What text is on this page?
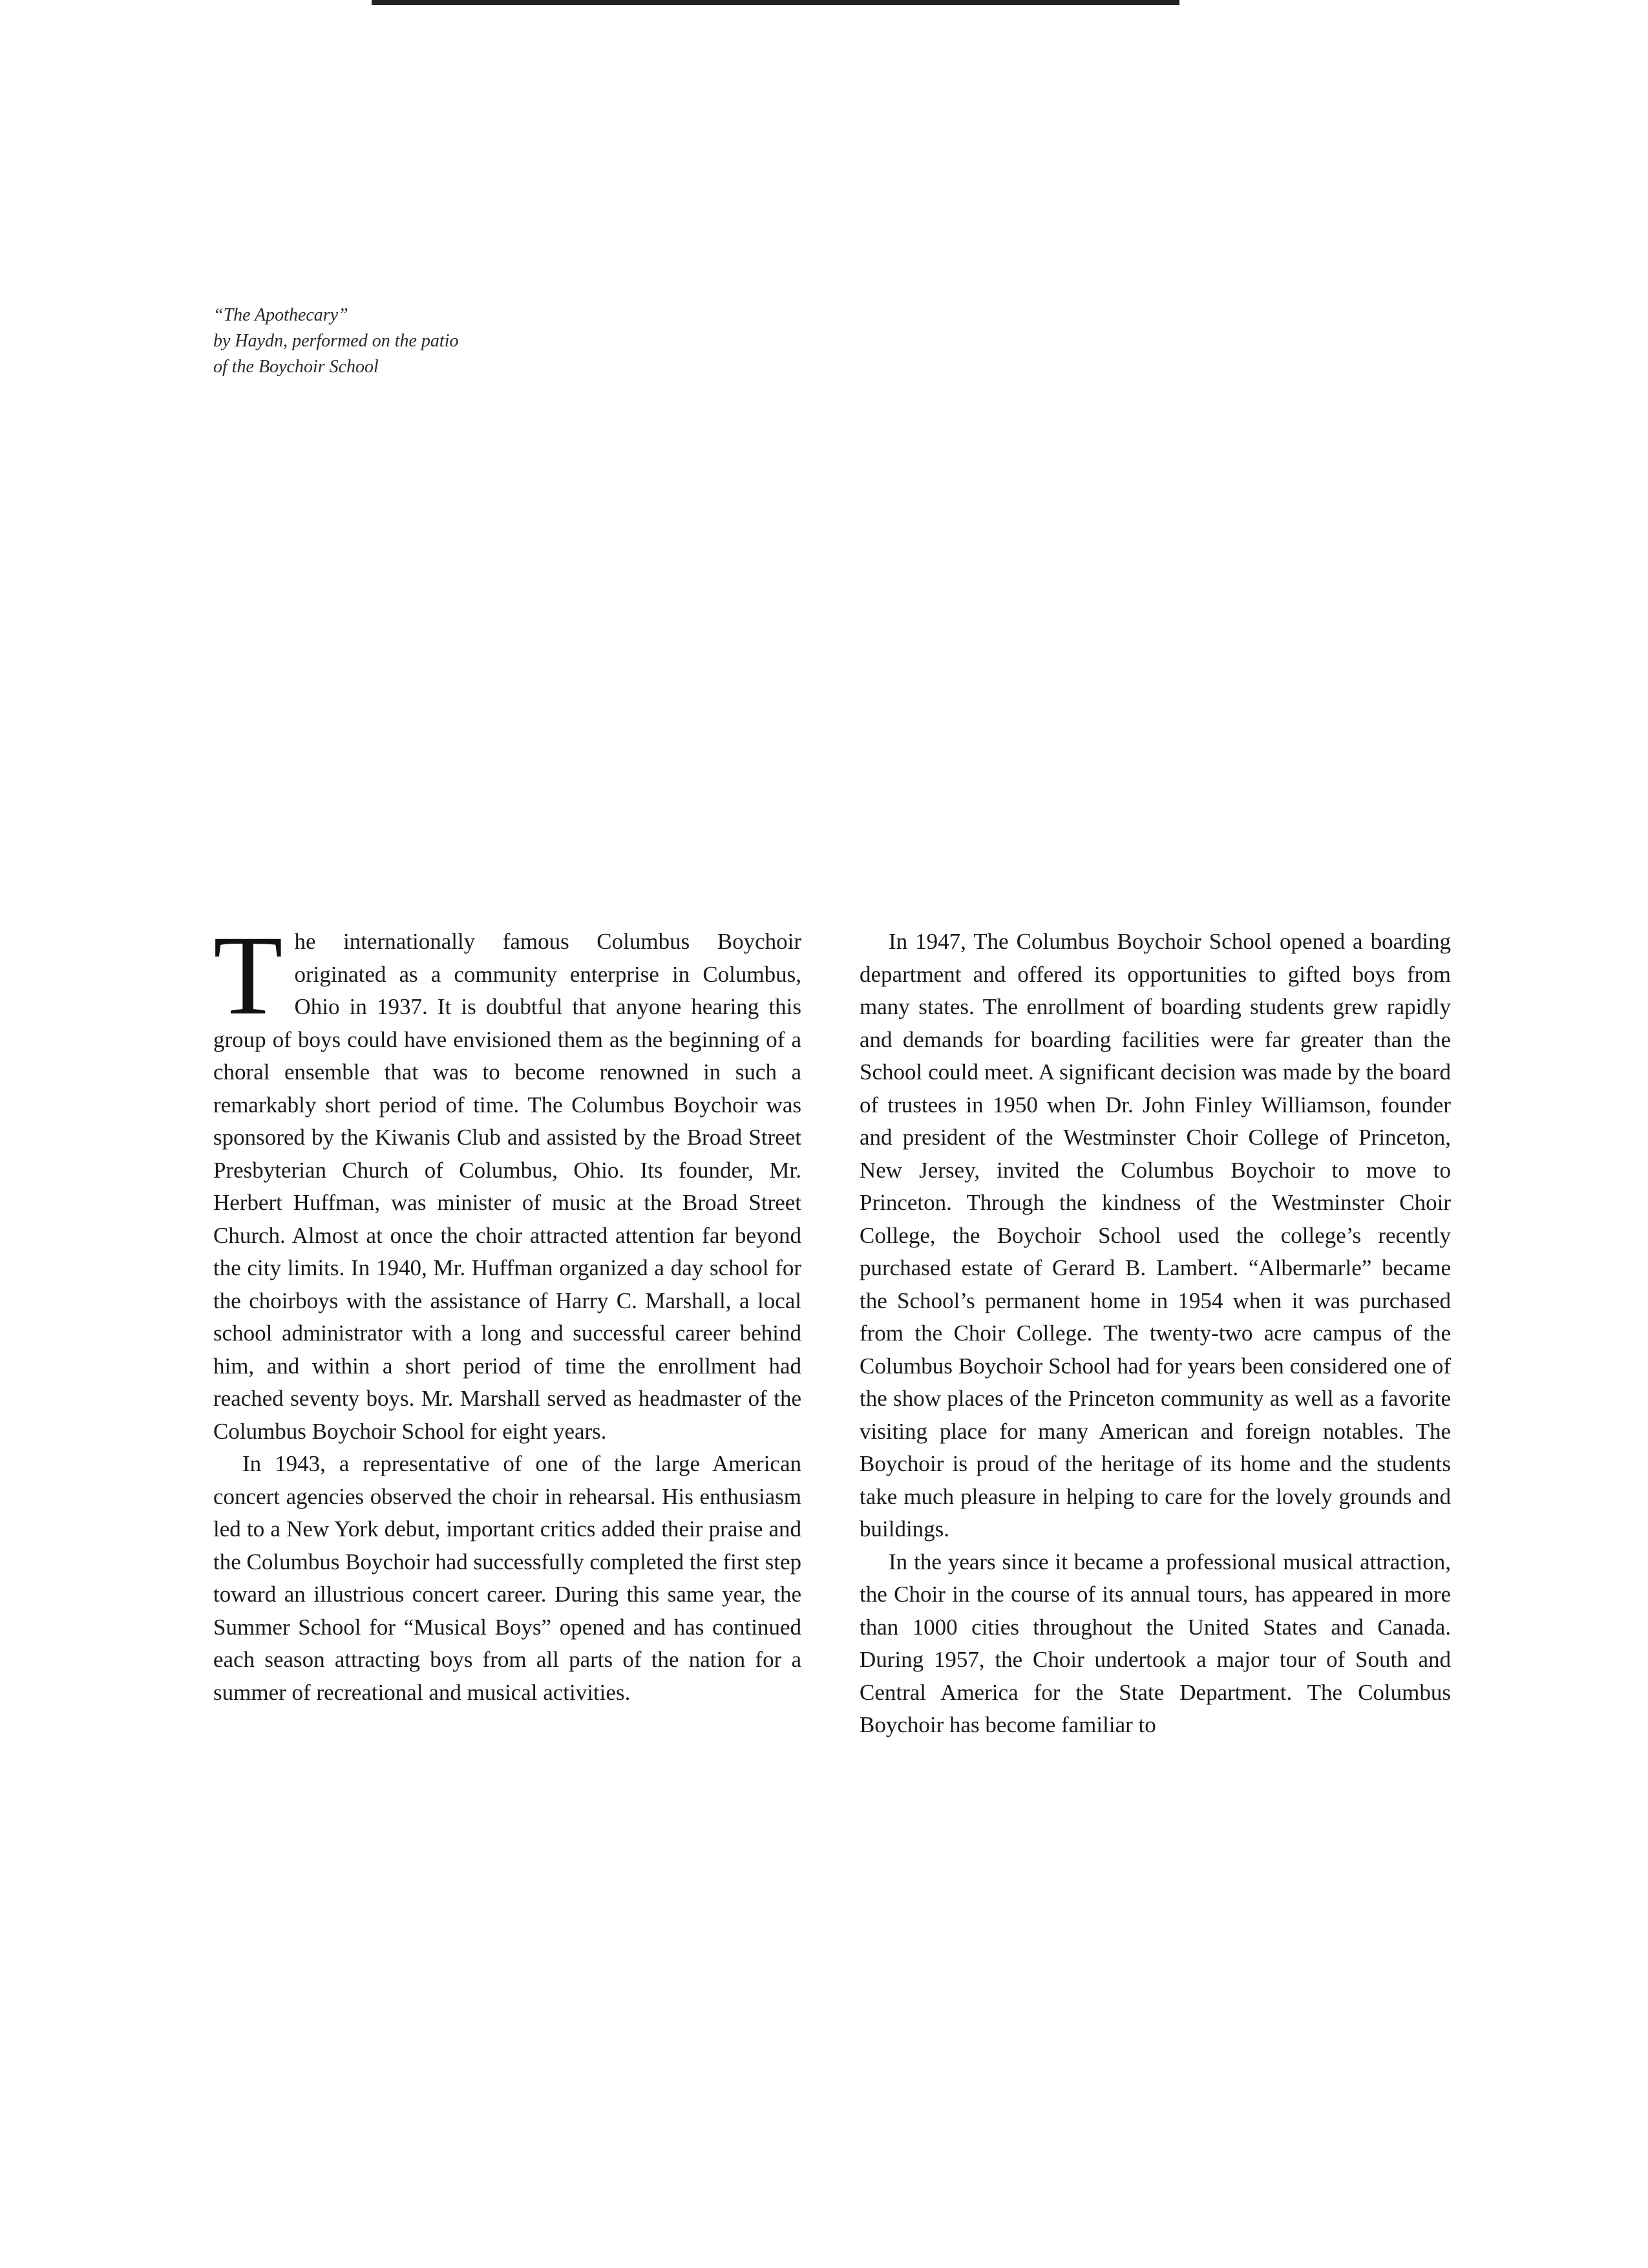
“The Apothecary”
by Haydn, performed on the patio
of the Boychoir School

The internationally famous Columbus Boychoir originated as a community enterprise in Columbus, Ohio in 1937. It is doubtful that anyone hearing this group of boys could have envisioned them as the beginning of a choral ensemble that was to become renowned in such a remarkably short period of time. The Columbus Boychoir was sponsored by the Kiwanis Club and assisted by the Broad Street Presbyterian Church of Columbus, Ohio. Its founder, Mr. Herbert Huffman, was minister of music at the Broad Street Church. Almost at once the choir attracted attention far beyond the city limits. In 1940, Mr. Huffman organized a day school for the choirboys with the assistance of Harry C. Marshall, a local school administrator with a long and successful career behind him, and within a short period of time the enrollment had reached seventy boys. Mr. Marshall served as headmaster of the Columbus Boychoir School for eight years.

In 1943, a representative of one of the large American concert agencies observed the choir in rehearsal. His enthusiasm led to a New York debut, important critics added their praise and the Columbus Boychoir had successfully completed the first step toward an illustrious concert career. During this same year, the Summer School for “Musical Boys” opened and has continued each season attracting boys from all parts of the nation for a summer of recreational and musical activities.

In 1947, The Columbus Boychoir School opened a boarding department and offered its opportunities to gifted boys from many states. The enrollment of boarding students grew rapidly and demands for boarding facilities were far greater than the School could meet. A significant decision was made by the board of trustees in 1950 when Dr. John Finley Williamson, founder and president of the Westminster Choir College of Princeton, New Jersey, invited the Columbus Boychoir to move to Princeton. Through the kindness of the Westminster Choir College, the Boychoir School used the college’s recently purchased estate of Gerard B. Lambert. “Albermarle” became the School’s permanent home in 1954 when it was purchased from the Choir College. The twenty-two acre campus of the Columbus Boychoir School had for years been considered one of the show places of the Princeton community as well as a favorite visiting place for many American and foreign notables. The Boychoir is proud of the heritage of its home and the students take much pleasure in helping to care for the lovely grounds and buildings.

In the years since it became a professional musical attraction, the Choir in the course of its annual tours, has appeared in more than 1000 cities throughout the United States and Canada. During 1957, the Choir undertook a major tour of South and Central America for the State Department. The Columbus Boychoir has become familiar to
